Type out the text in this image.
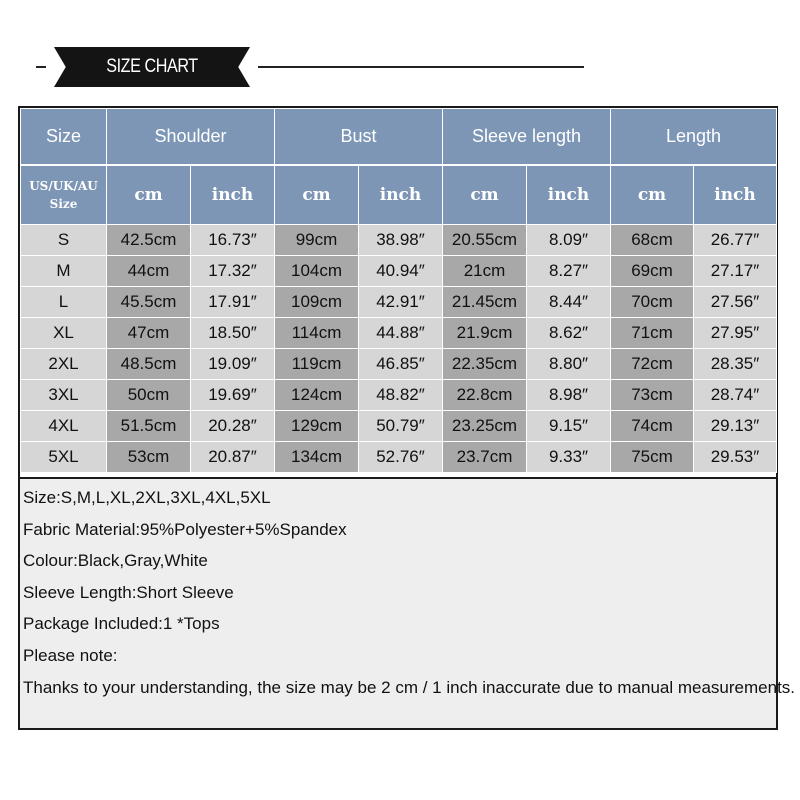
SIZE CHART
Size	Shoulder		Bust		Sleeve length		Length	

US/UK/AU
Size	cm	inch	cm	inch	cm	inch	cm	inch
S	42.5cm	16.73″	99cm	38.98″	20.55cm	8.09″	68cm	26.77″
M	44cm	17.32″	104cm	40.94″	21cm	8.27″	69cm	27.17″
L	45.5cm	17.91″	109cm	42.91″	21.45cm	8.44″	70cm	27.56″
XL	47cm	18.50″	114cm	44.88″	21.9cm	8.62″	71cm	27.95″
2XL	48.5cm	19.09″	119cm	46.85″	22.35cm	8.80″	72cm	28.35″
3XL	50cm	19.69″	124cm	48.82″	22.8cm	8.98″	73cm	28.74″
4XL	51.5cm	20.28″	129cm	50.79″	23.25cm	9.15″	74cm	29.13″
5XL	53cm	20.87″	134cm	52.76″	23.7cm	9.33″	75cm	29.53″
Size:S,M,L,XL,2XL,3XL,4XL,5XL
Fabric Material:95%Polyester+5%Spandex
Colour:Black,Gray,White
Sleeve Length:Short Sleeve
Package Included:1 *Tops
Please note:
Thanks to your understanding, the size may be 2 cm / 1 inch inaccurate due to manual measurements.
